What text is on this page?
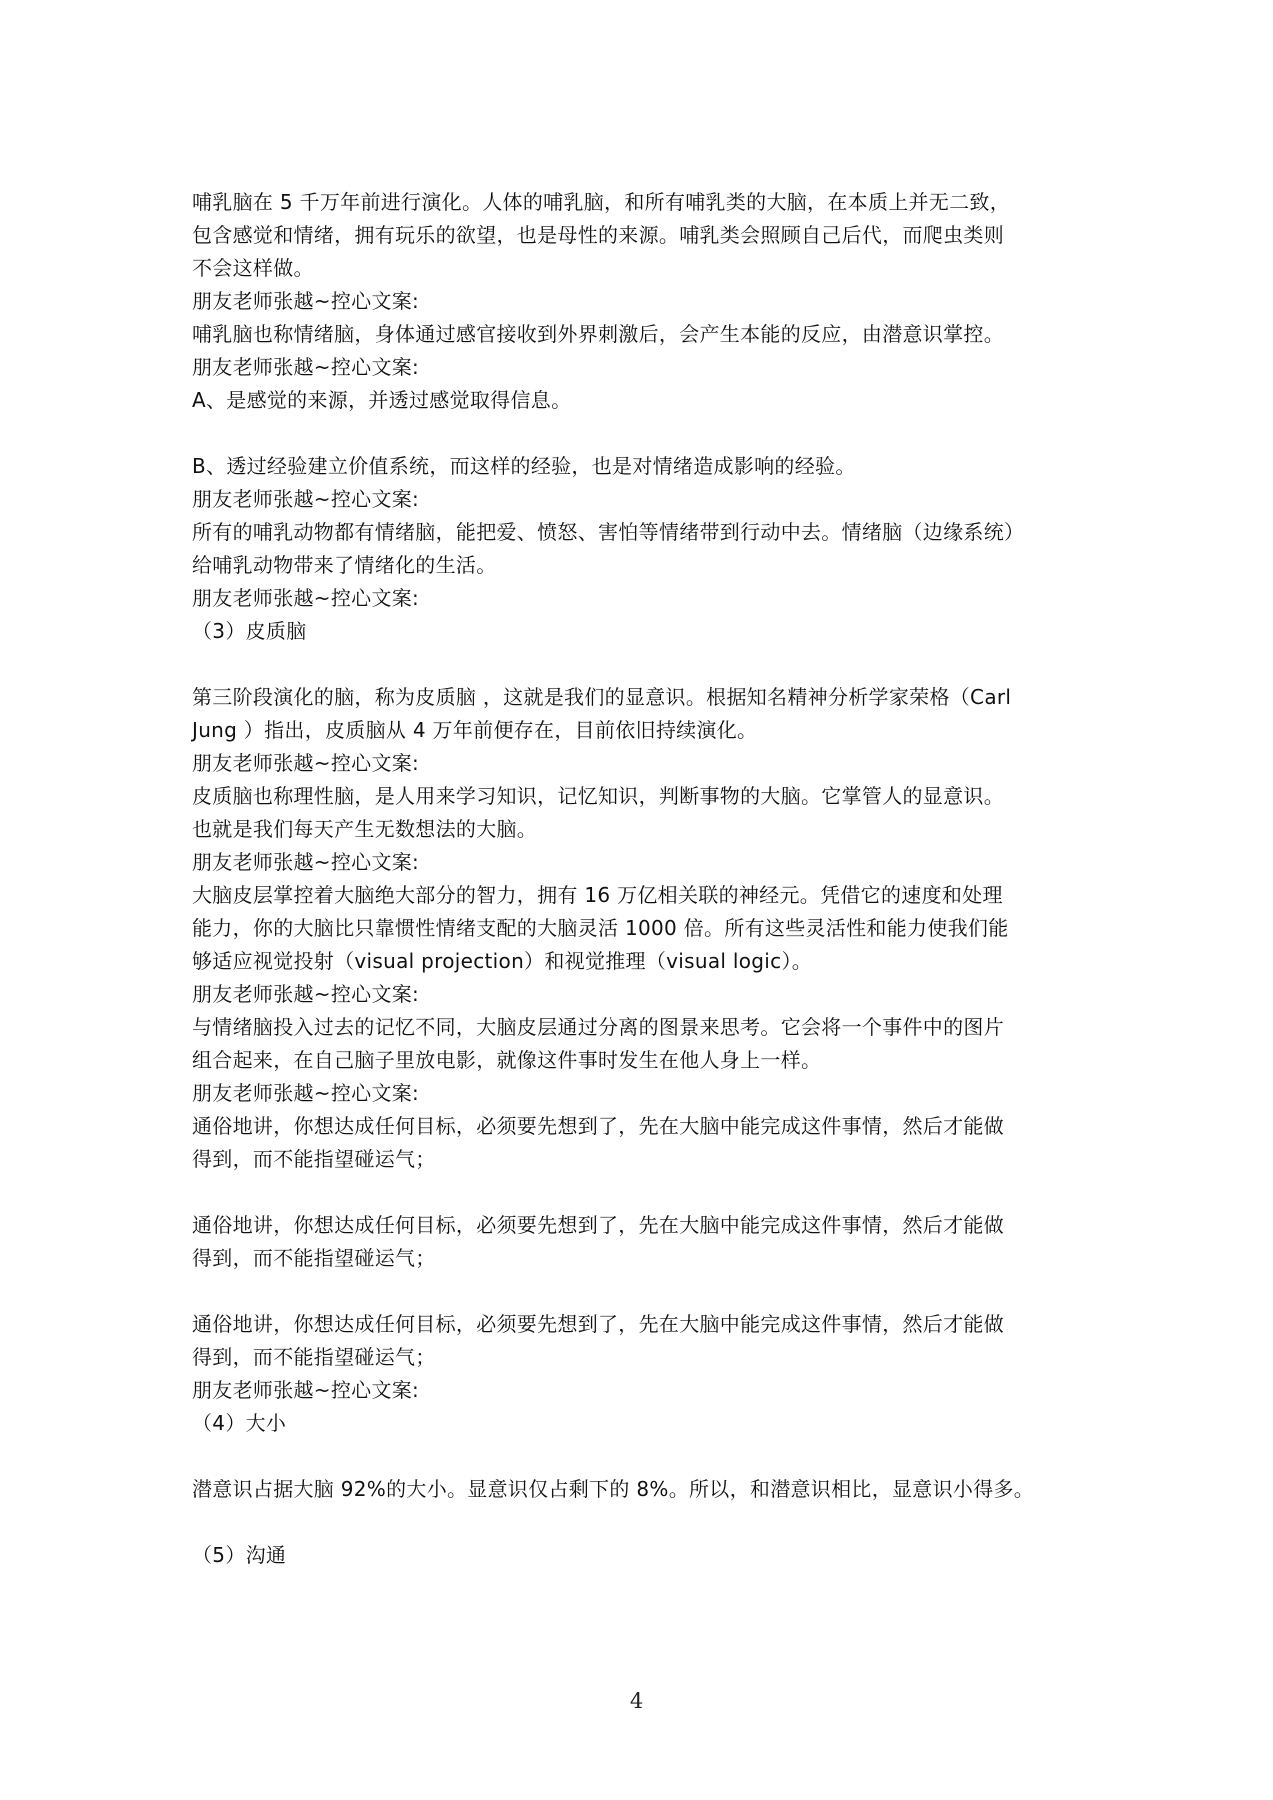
哺乳脑在 5 千万年前进行演化。人体的哺乳脑，和所有哺乳类的大脑，在本质上并无二致，
包含感觉和情绪，拥有玩乐的欲望，也是母性的来源。哺乳类会照顾自己后代，而爬虫类则
不会这样做。
朋友老师张越~控心文案:
哺乳脑也称情绪脑，身体通过感官接收到外界刺激后，会产生本能的反应，由潜意识掌控。
朋友老师张越~控心文案:
A、是感觉的来源，并透过感觉取得信息。
B、透过经验建立价值系统，而这样的经验，也是对情绪造成影响的经验。
朋友老师张越~控心文案:
所有的哺乳动物都有情绪脑，能把爱、愤怒、害怕等情绪带到行动中去。情绪脑（边缘系统）
给哺乳动物带来了情绪化的生活。
朋友老师张越~控心文案:
（3）皮质脑
第三阶段演化的脑，称为皮质脑 ，这就是我们的显意识。根据知名精神分析学家荣格（Carl
Jung ）指出，皮质脑从 4 万年前便存在，目前依旧持续演化。
朋友老师张越~控心文案:
皮质脑也称理性脑，是人用来学习知识，记忆知识，判断事物的大脑。它掌管人的显意识。
也就是我们每天产生无数想法的大脑。
朋友老师张越~控心文案:
大脑皮层掌控着大脑绝大部分的智力，拥有 16 万亿相关联的神经元。凭借它的速度和处理
能力，你的大脑比只靠惯性情绪支配的大脑灵活 1000 倍。所有这些灵活性和能力使我们能
够适应视觉投射（visual projection）和视觉推理（visual logic）。
朋友老师张越~控心文案:
与情绪脑投入过去的记忆不同，大脑皮层通过分离的图景来思考。它会将一个事件中的图片
组合起来，在自己脑子里放电影，就像这件事时发生在他人身上一样。
朋友老师张越~控心文案:
通俗地讲，你想达成任何目标，必须要先想到了，先在大脑中能完成这件事情，然后才能做
得到，而不能指望碰运气；
通俗地讲，你想达成任何目标，必须要先想到了，先在大脑中能完成这件事情，然后才能做
得到，而不能指望碰运气；
通俗地讲，你想达成任何目标，必须要先想到了，先在大脑中能完成这件事情，然后才能做
得到，而不能指望碰运气；
朋友老师张越~控心文案:
（4）大小
潜意识占据大脑 92%的大小。显意识仅占剩下的 8%。所以，和潜意识相比，显意识小得多。
（5）沟通
4
